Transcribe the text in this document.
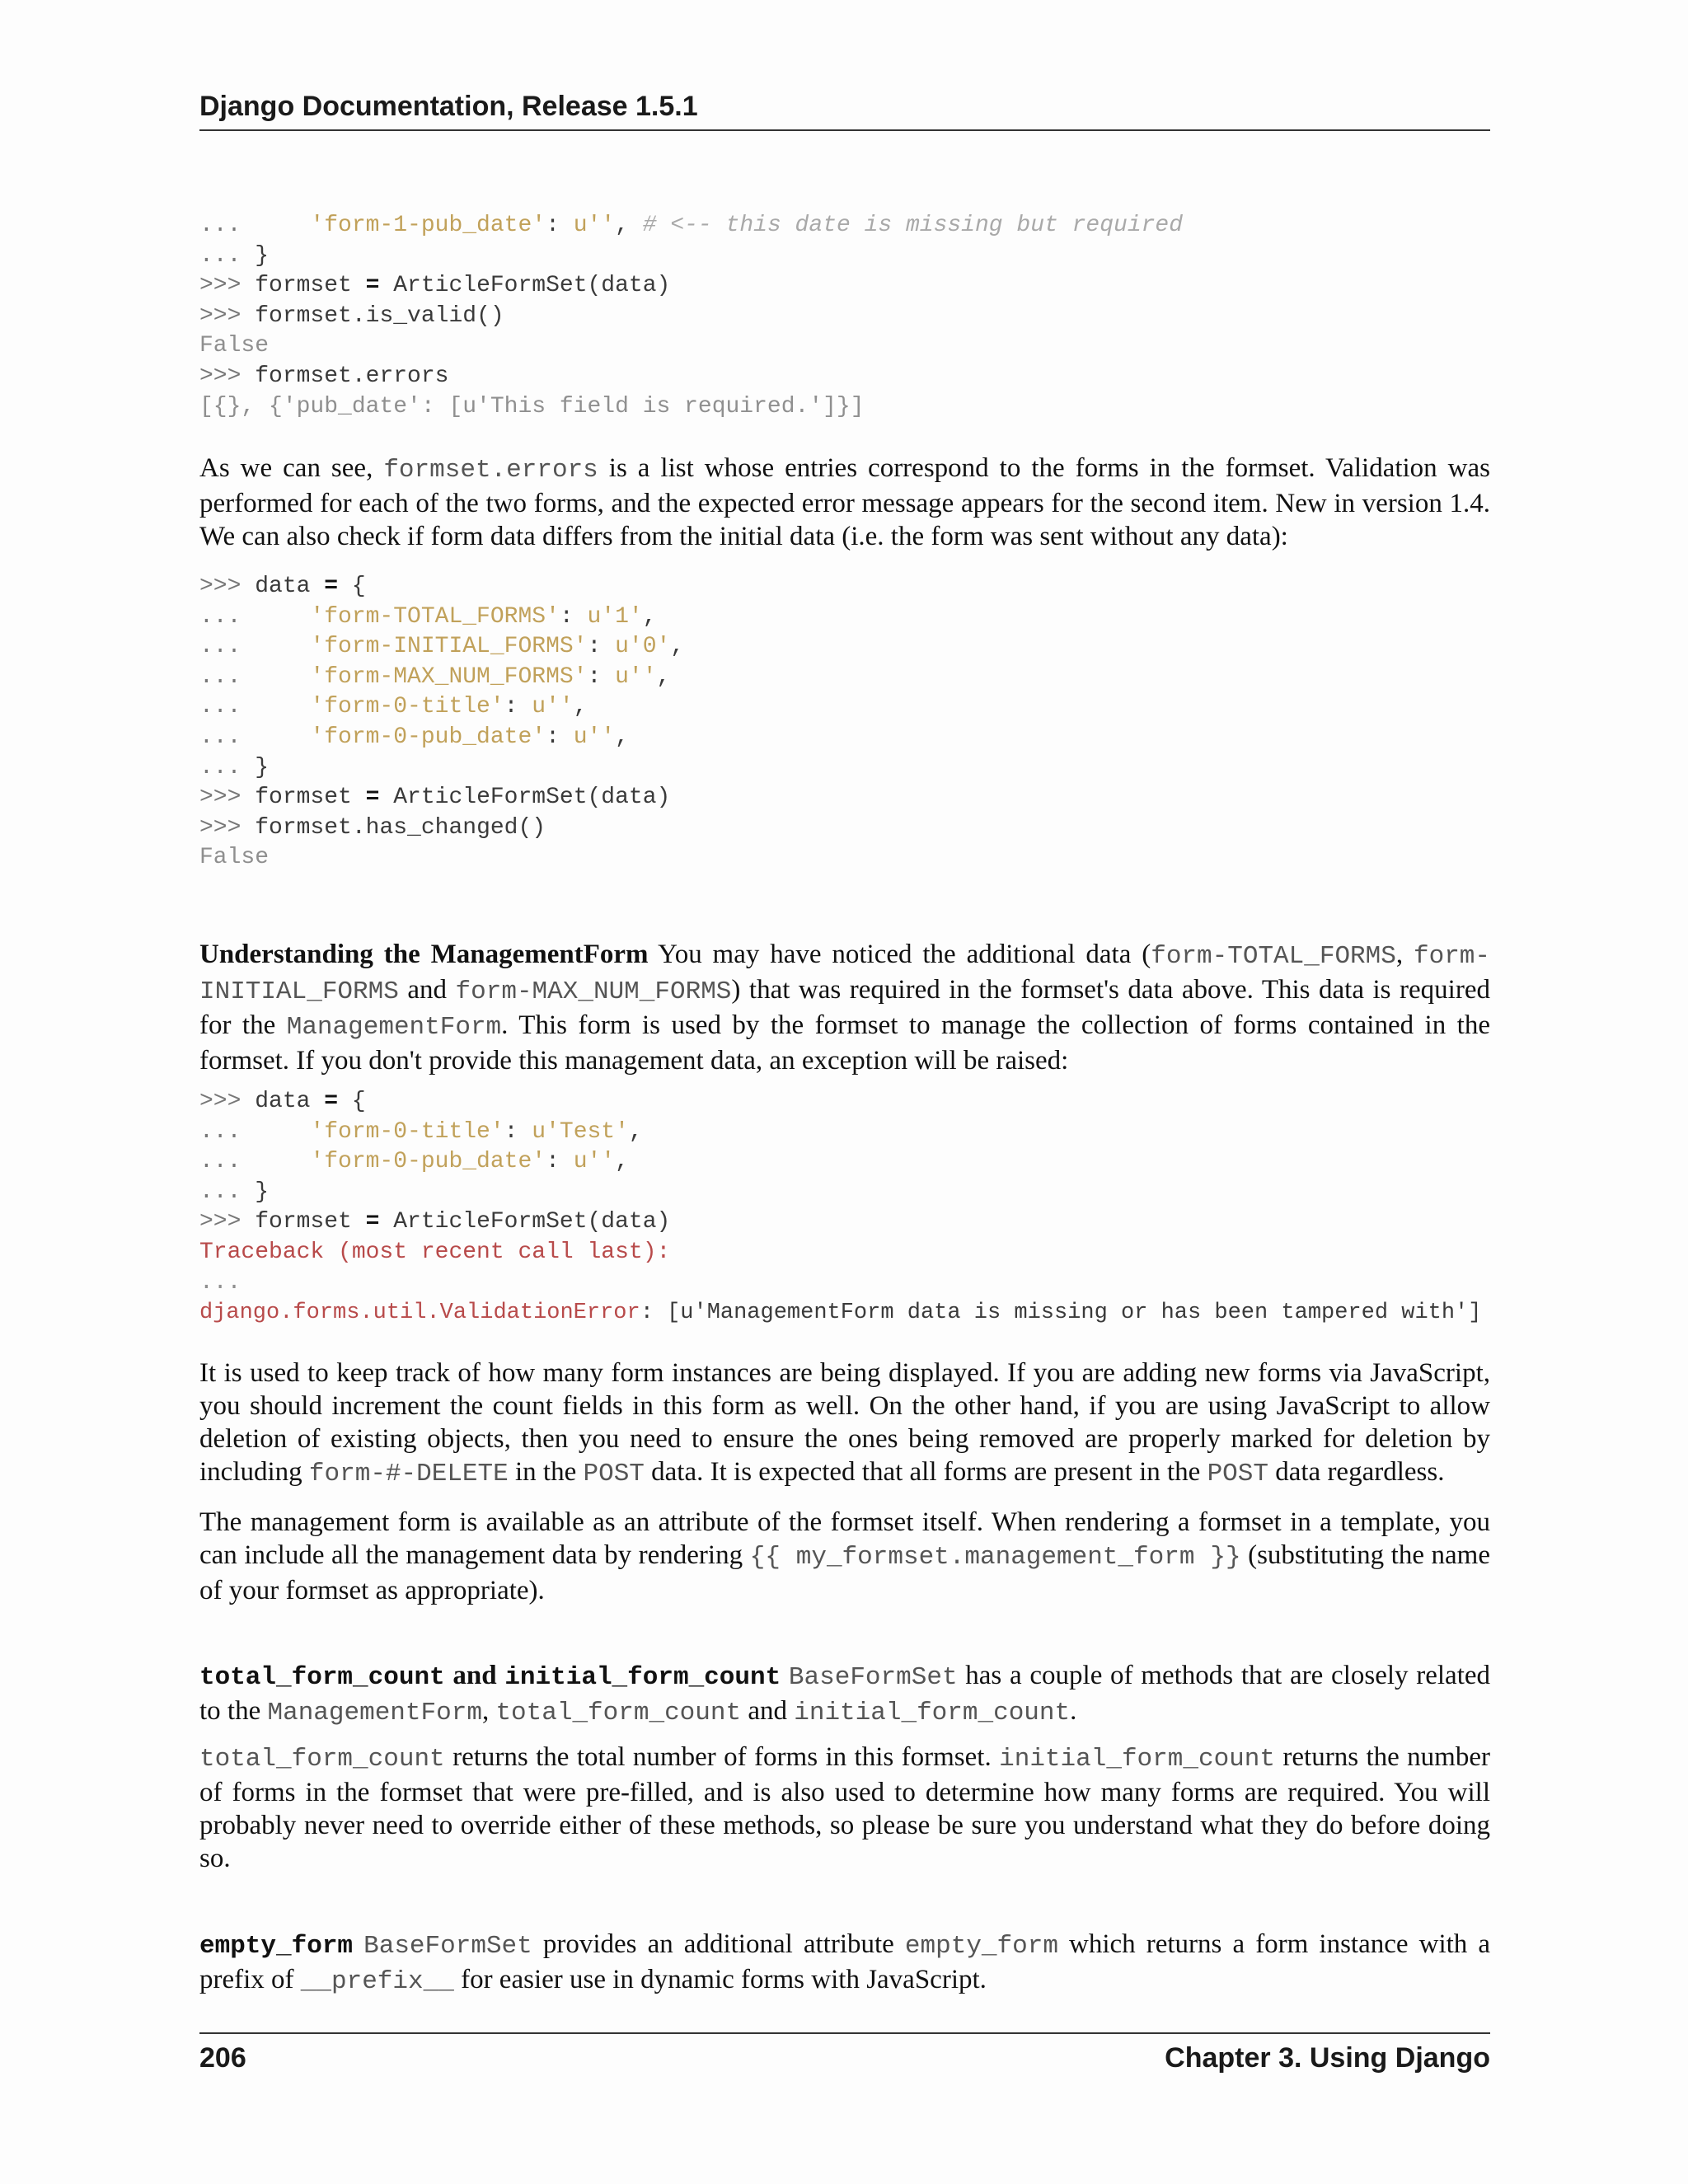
Django Documentation, Release 1.5.1
...     'form-1-pub_date': u'', # <-- this date is missing but required
... }
>>> formset = ArticleFormSet(data)
>>> formset.is_valid()
False
>>> formset.errors
[{}, {'pub_date': [u'This field is required.']}]

As we can see, formset.errors is a list whose entries correspond to the forms in the formset. Validation was performed for each of the two forms, and the expected error message appears for the second item. New in version 1.4. We can also check if form data differs from the initial data (i.e. the form was sent without any data):

>>> data = {
...     'form-TOTAL_FORMS': u'1',
...     'form-INITIAL_FORMS': u'0',
...     'form-MAX_NUM_FORMS': u'',
...     'form-0-title': u'',
...     'form-0-pub_date': u'',
... }
>>> formset = ArticleFormSet(data)
>>> formset.has_changed()
False

Understanding the ManagementForm You may have noticed the additional data (form-TOTAL_FORMS, form-INITIAL_FORMS and form-MAX_NUM_FORMS) that was required in the formset's data above. This data is required for the ManagementForm. This form is used by the formset to manage the collection of forms contained in the formset. If you don't provide this management data, an exception will be raised:

>>> data = {
...     'form-0-title': u'Test',
...     'form-0-pub_date': u'',
... }
>>> formset = ArticleFormSet(data)
Traceback (most recent call last):
...
django.forms.util.ValidationError: [u'ManagementForm data is missing or has been tampered with']

It is used to keep track of how many form instances are being displayed. If you are adding new forms via JavaScript, you should increment the count fields in this form as well. On the other hand, if you are using JavaScript to allow deletion of existing objects, then you need to ensure the ones being removed are properly marked for deletion by including form-#-DELETE in the POST data. It is expected that all forms are present in the POST data regardless.

The management form is available as an attribute of the formset itself. When rendering a formset in a template, you can include all the management data by rendering {{ my_formset.management_form }} (substituting the name of your formset as appropriate).

total_form_count and initial_form_count BaseFormSet has a couple of methods that are closely related to the ManagementForm, total_form_count and initial_form_count.

total_form_count returns the total number of forms in this formset. initial_form_count returns the number of forms in the formset that were pre-filled, and is also used to determine how many forms are required. You will probably never need to override either of these methods, so please be sure you understand what they do before doing so.

empty_form BaseFormSet provides an additional attribute empty_form which returns a form instance with a prefix of __prefix__ for easier use in dynamic forms with JavaScript.

206	Chapter 3. Using Django
